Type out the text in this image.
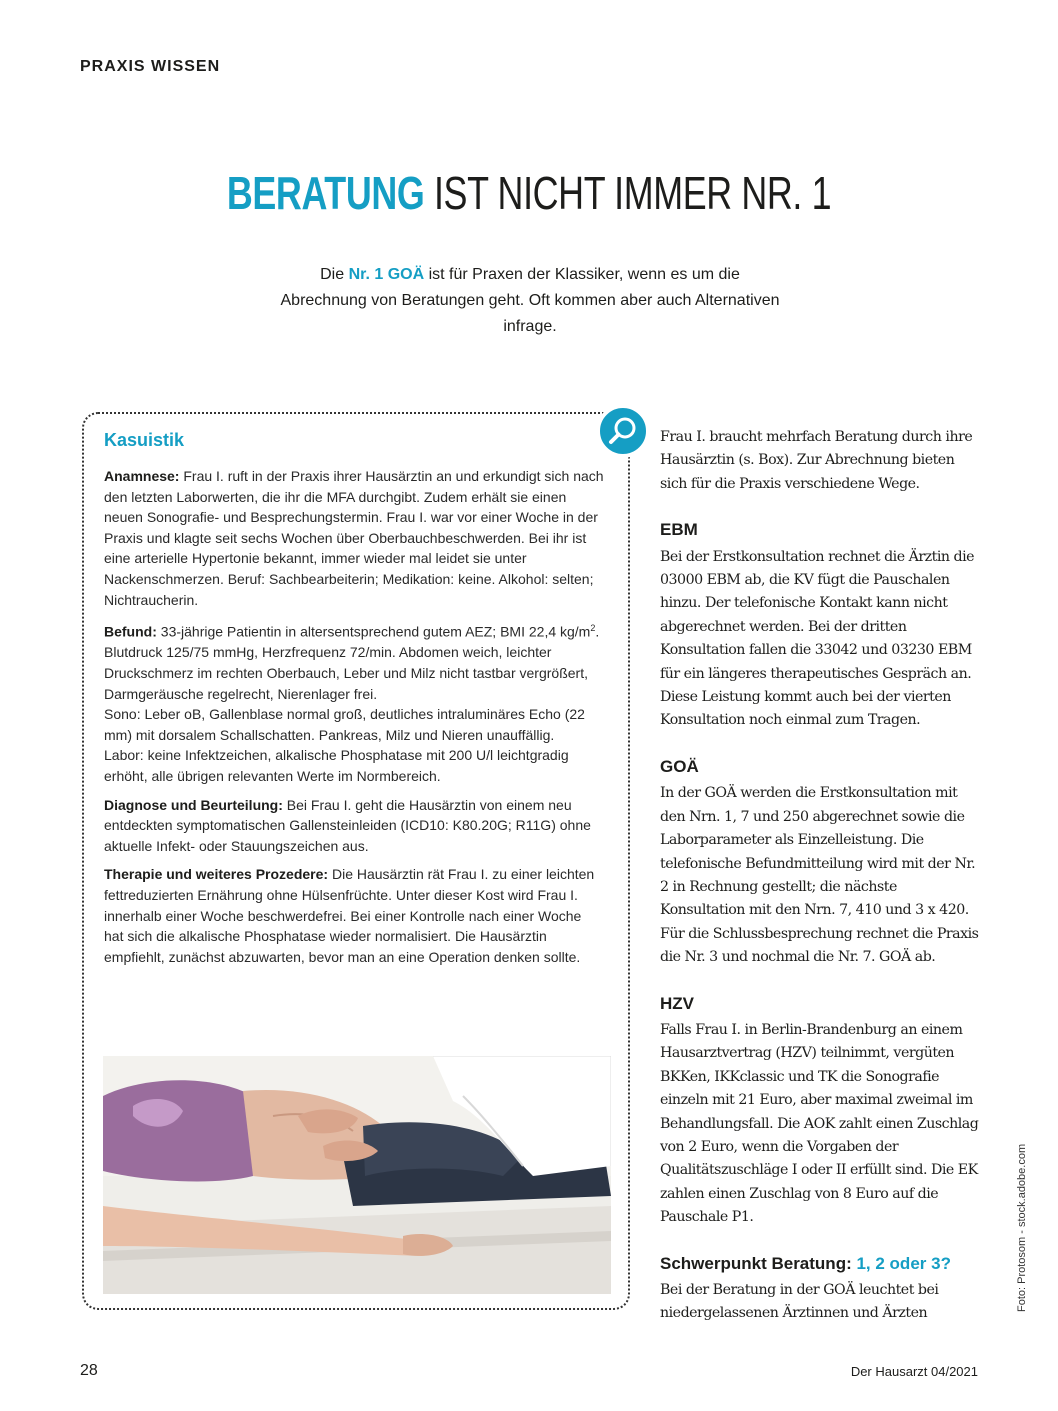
PRAXIS WISSEN
BERATUNG IST NICHT IMMER NR. 1
Die Nr. 1 GOÄ ist für Praxen der Klassiker, wenn es um die Abrechnung von Beratungen geht. Oft kommen aber auch Alternativen infrage.
Kasuistik

Anamnese: Frau I. ruft in der Praxis ihrer Hausärztin an und erkundigt sich nach den letzten Laborwerten, die ihr die MFA durchgibt. Zudem erhält sie einen neuen Sonografie- und Besprechungstermin. Frau I. war vor einer Woche in der Praxis und klagte seit sechs Wochen über Oberbauchbeschwerden. Bei ihr ist eine arterielle Hypertonie bekannt, immer wieder mal leidet sie unter Nackenschmerzen. Beruf: Sachbearbeiterin; Medikation: keine. Alkohol: selten; Nichtraucherin.

Befund: 33-jährige Patientin in altersentsprechend gutem AEZ; BMI 22,4 $kg/m^2$. Blutdruck 125/75 mmHg, Herzfrequenz 72/min. Abdomen weich, leichter Druckschmerz im rechten Oberbauch, Leber und Milz nicht tastbar vergrößert, Darmgeräusche regelrecht, Nierenlager frei.
Sono: Leber oB, Gallenblase normal groß, deutliches intraluminäres Echo (22 mm) mit dorsalem Schallschatten. Pankreas, Milz und Nieren unauffällig.
Labor: keine Infektzeichen, alkalische Phosphatase mit 200 U/l leichtgradig erhöht, alle übrigen relevanten Werte im Normbereich.

Diagnose und Beurteilung: Bei Frau I. geht die Hausärztin von einem neu entdeckten symptomatischen Gallensteinleiden (ICD10: K80.20G; R11G) ohne aktuelle Infekt- oder Stauungszeichen aus.

Therapie und weiteres Prozedere: Die Hausärztin rät Frau I. zu einer leichten fettreduzierten Ernährung ohne Hülsenfrüchte. Unter dieser Kost wird Frau I. innerhalb einer Woche beschwerdefrei. Bei einer Kontrolle nach einer Woche hat sich die alkalische Phosphatase wieder normalisiert. Die Hausärztin empfiehlt, zunächst abzuwarten, bevor man an eine Operation denken sollte.

Frau I. braucht mehrfach Beratung durch ihre Hausärztin (s. Box). Zur Abrechnung bieten sich für die Praxis verschiedene Wege.

EBM

Bei der Erstkonsultation rechnet die Ärztin die 03000 EBM ab, die KV fügt die Pauschalen hinzu. Der telefonische Kontakt kann nicht abgerechnet werden. Bei der dritten Konsultation fallen die 33042 und 03230 EBM für ein längeres therapeutisches Gespräch an. Diese Leistung kommt auch bei der vierten Konsultation noch einmal zum Tragen.

GOÄ

In der GOÄ werden die Erstkonsultation mit den Nrn. 1, 7 und 250 abgerechnet sowie die Laborparameter als Einzelleistung. Die telefonische Befundmitteilung wird mit der Nr. 2 in Rechnung gestellt; die nächste Konsultation mit den Nrn. 7, 410 und 3 x 420. Für die Schlussbesprechung rechnet die Praxis die Nr. 3 und nochmal die Nr. 7. GOÄ ab.

HZV

Falls Frau I. in Berlin-Brandenburg an einem Hausarztvertrag (HZV) teilnimmt, vergüten BKKen, IKKclassic und TK die Sonografie einzeln mit 21 Euro, aber maximal zweimal im Behandlungsfall. Die AOK zahlt einen Zuschlag von 2 Euro, wenn die Vorgaben der Qualitätszuschläge I oder II erfüllt sind. Die EK zahlen einen Zuschlag von 8 Euro auf die Pauschale P1.

Schwerpunkt Beratung: 1, 2 oder 3?

Bei der Beratung in der GOÄ leuchtet bei niedergelassenen Ärztinnen und Ärzten

Foto: Protosom - stock.adobe.com
28	Der Hausarzt 04/2021
